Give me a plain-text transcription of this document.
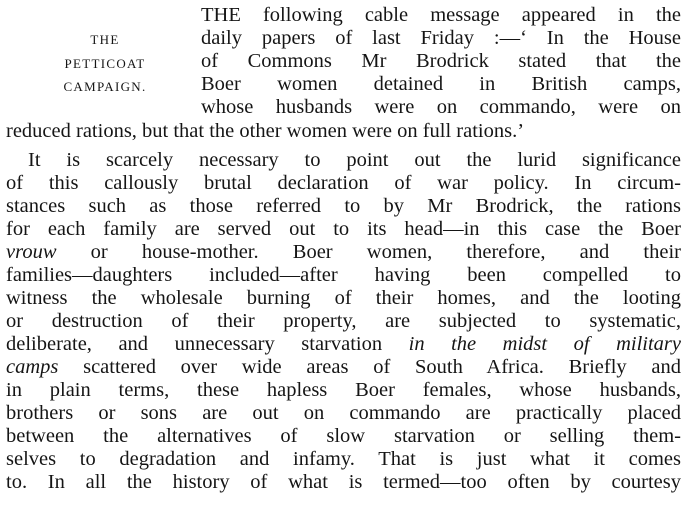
THE
PETTICOAT
CAMPAIGN.
THE following cable message appeared in the
daily papers of last Friday :—‘ In the House
of Commons Mr Brodrick stated that the
Boer women detained in British camps,
whose husbands were on commando, were on
reduced rations, but that the other women were on full rations.’
It is scarcely necessary to point out the lurid significance
of this callously brutal declaration of war policy. In circum-
stances such as those referred to by Mr Brodrick, the rations
for each family are served out to its head—in this case the Boer
vrouw or house-mother. Boer women, therefore, and their
families—daughters included—after having been compelled to
witness the wholesale burning of their homes, and the looting
or destruction of their property, are subjected to systematic,
deliberate, and unnecessary starvation in the midst of military
camps scattered over wide areas of South Africa. Briefly and
in plain terms, these hapless Boer females, whose husbands,
brothers or sons are out on commando are practically placed
between the alternatives of slow starvation or selling them-
selves to degradation and infamy. That is just what it comes
to. In all the history of what is termed—too often by courtesy
